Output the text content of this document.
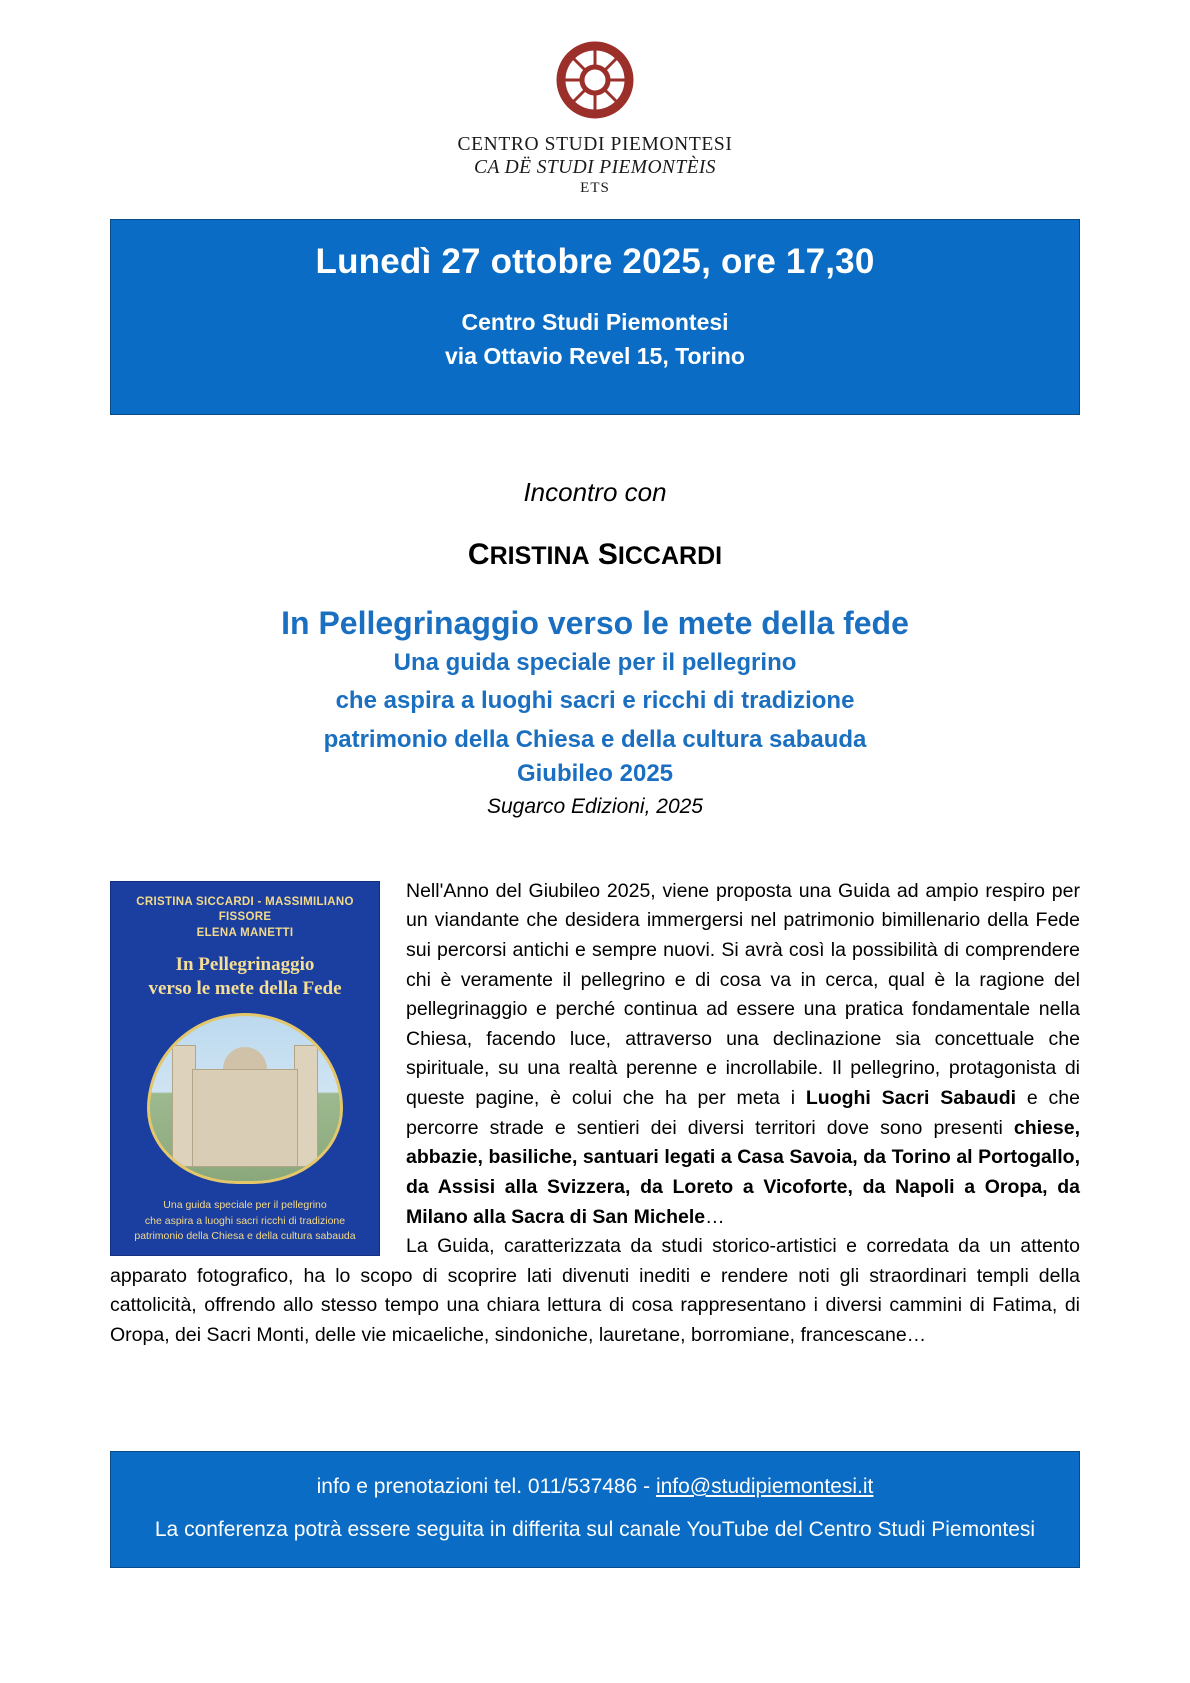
CENTRO STUDI PIEMONTESI
CA DË STUDI PIEMONTÈIS
ETS
Lunedì 27 ottobre 2025, ore 17,30
Centro Studi Piemontesi
via Ottavio Revel 15, Torino
Incontro con
CRISTINA SICCARDI
In Pellegrinaggio verso le mete della fede
Una guida speciale per il pellegrino
che aspira a luoghi sacri e ricchi di tradizione
patrimonio della Chiesa e della cultura sabauda
Giubileo 2025
Sugarco Edizioni, 2025
CRISTINA SICCARDI - MASSIMILIANO FISSORE
ELENA MANETTI
In Pellegrinaggio
verso le mete della Fede
Una guida speciale per il pellegrino
che aspira a luoghi sacri ricchi di tradizione
patrimonio della Chiesa e della cultura sabauda

Nell'Anno del Giubileo 2025, viene proposta una Guida ad ampio respiro per un viandante che desidera immergersi nel patrimonio bimillenario della Fede sui percorsi antichi e sempre nuovi. Si avrà così la possibilità di comprendere chi è veramente il pellegrino e di cosa va in cerca, qual è la ragione del pellegrinaggio e perché continua ad essere una pratica fondamentale nella Chiesa, facendo luce, attraverso una declinazione sia concettuale che spirituale, su una realtà perenne e incrollabile. Il pellegrino, protagonista di queste pagine, è colui che ha per meta i Luoghi Sacri Sabaudi e che percorre strade e sentieri dei diversi territori dove sono presenti chiese, abbazie, basiliche, santuari legati a Casa Savoia, da Torino al Portogallo, da Assisi alla Svizzera, da Loreto a Vicoforte, da Napoli a Oropa, da Milano alla Sacra di San Michele…
La Guida, caratterizzata da studi storico-artistici e corredata da un attento apparato fotografico, ha lo scopo di scoprire lati divenuti inediti e rendere noti gli straordinari templi della cattolicità, offrendo allo stesso tempo una chiara lettura di cosa rappresentano i diversi cammini di Fatima, di Oropa, dei Sacri Monti, delle vie micaeliche, sindoniche, lauretane, borromiane, francescane…

info e prenotazioni tel. 011/537486 - info@studipiemontesi.it
La conferenza potrà essere seguita in differita sul canale YouTube del Centro Studi Piemontesi
